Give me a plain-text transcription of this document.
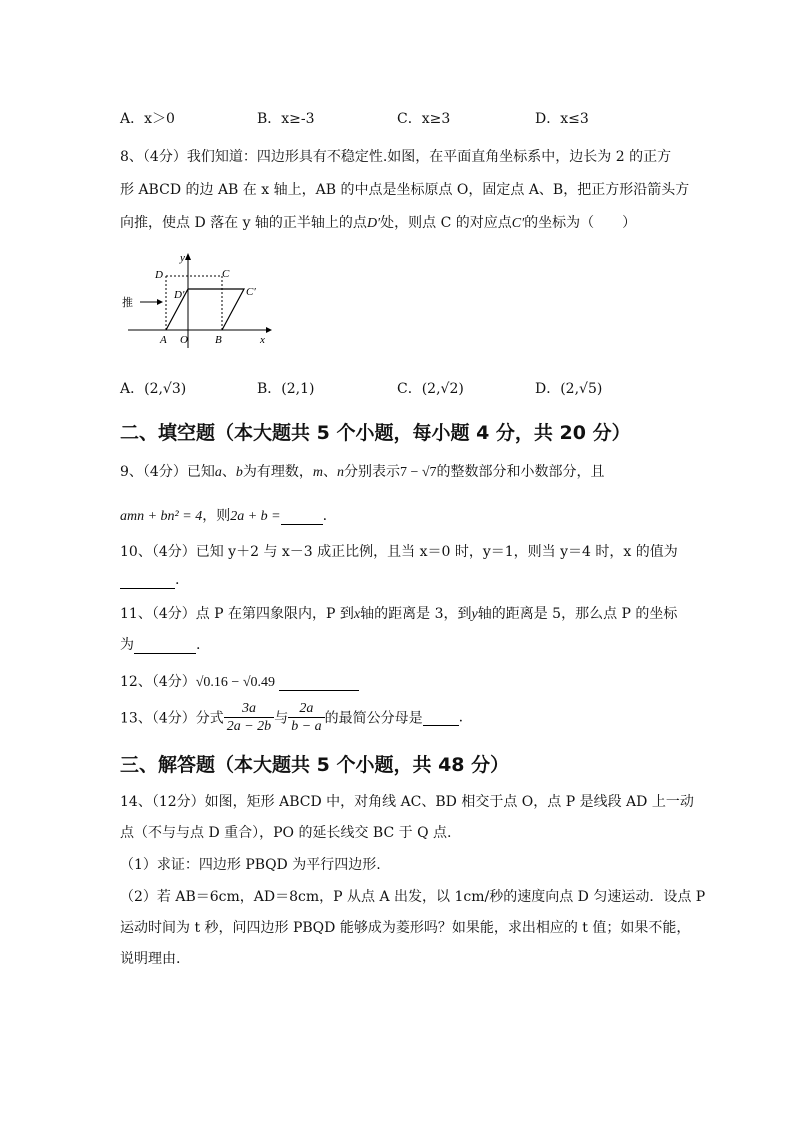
A．x＞0	B．x≥-3	C．x≥3	D．x≤3
8、（4分）我们知道：四边形具有不稳定性.如图，在平面直角坐标系中，边长为 2 的正方
形 ABCD 的边 AB 在 x 轴上，AB 的中点是坐标原点 O，固定点 A、B，把正方形沿箭头方
向推，使点 D 落在 y 轴的正半轴上的点D′处，则点 C 的对应点C′的坐标为（　　）
y
x
D	C
D′	C′
A O B
推
A．(2,√3)	B．(2,1)	C．(2,√2)	D．(2,√5)
二、填空题（本大题共 5 个小题，每小题 4 分，共 20 分）
9、（4分）已知a、b为有理数，m、n分别表示7 − √7的整数部分和小数部分，且
amn + bn² = 4，则2a + b =	.
10、（4分）已知 y＋2 与 x－3 成正比例，且当 x＝0 时，y＝1，则当 y＝4 时，x 的值为
.
11、（4分）点 P 在第四象限内，P 到x轴的距离是 3，到y轴的距离是 5，那么点 P 的坐标
为	.
12、（4分）√0.16 − √0.49
13、（4分）分式 $\frac{3a}{2a - 2b}$ 与 $\frac{2a}{b - a}$ 的最简公分母是	.
三、解答题（本大题共 5 个小题，共 48 分）
14、（12分）如图，矩形 ABCD 中，对角线 AC、BD 相交于点 O，点 P 是线段 AD 上一动
点（不与与点 D 重合），PO 的延长线交 BC 于 Q 点.
（1）求证：四边形 PBQD 为平行四边形.
（2）若 AB＝6cm，AD＝8cm，P 从点 A 出发，以 1cm/秒的速度向点 D 匀速运动．设点 P
运动时间为 t 秒，问四边形 PBQD 能够成为菱形吗？如果能，求出相应的 t 值；如果不能，
说明理由.
